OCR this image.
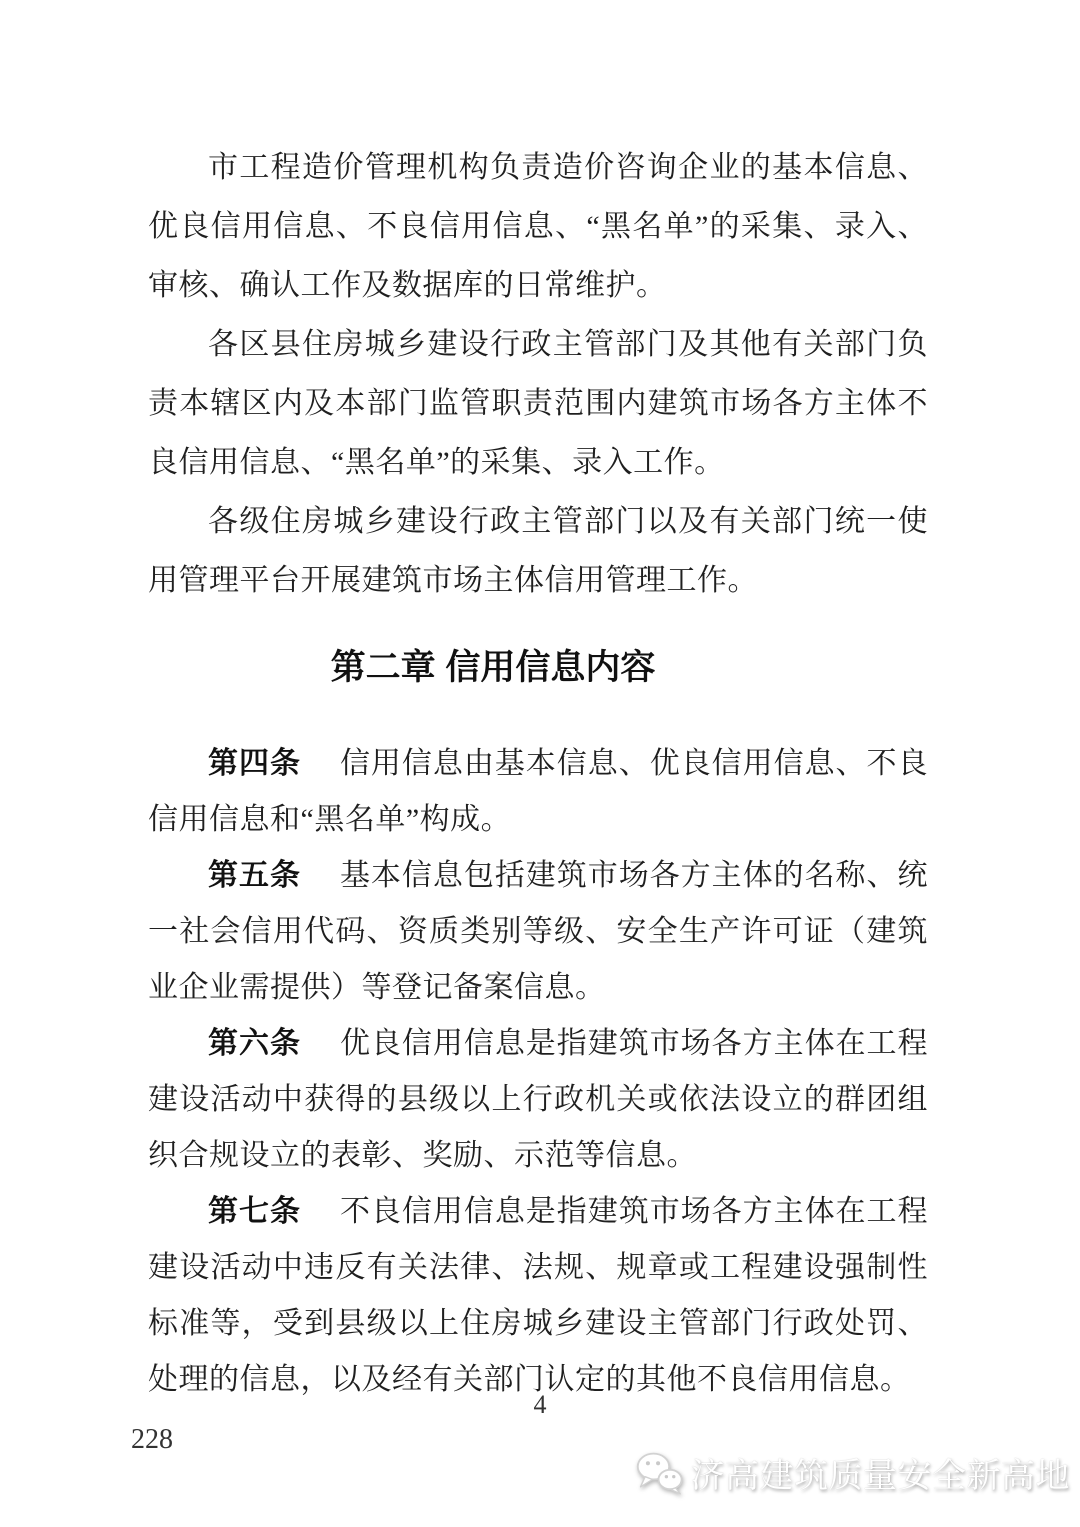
市工程造价管理机构负责造价咨询企业的基本信息、优良信用信息、不良信用信息、“黑名单”的采集、录入、审核、确认工作及数据库的日常维护。

各区县住房城乡建设行政主管部门及其他有关部门负责本辖区内及本部门监管职责范围内建筑市场各方主体不良信用信息、“黑名单”的采集、录入工作。

各级住房城乡建设行政主管部门以及有关部门统一使用管理平台开展建筑市场主体信用管理工作。

第二章 信用信息内容

第四条 信用信息由基本信息、优良信用信息、不良信用信息和“黑名单”构成。

第五条 基本信息包括建筑市场各方主体的名称、统一社会信用代码、资质类别等级、安全生产许可证（建筑业企业需提供）等登记备案信息。

第六条 优良信用信息是指建筑市场各方主体在工程建设活动中获得的县级以上行政机关或依法设立的群团组织合规设立的表彰、奖励、示范等信息。

第七条 不良信用信息是指建筑市场各方主体在工程建设活动中违反有关法律、法规、规章或工程建设强制性标准等，受到县级以上住房城乡建设主管部门行政处罚、处理的信息，以及经有关部门认定的其他不良信用信息。

4
228
济高建筑质量安全新高地
